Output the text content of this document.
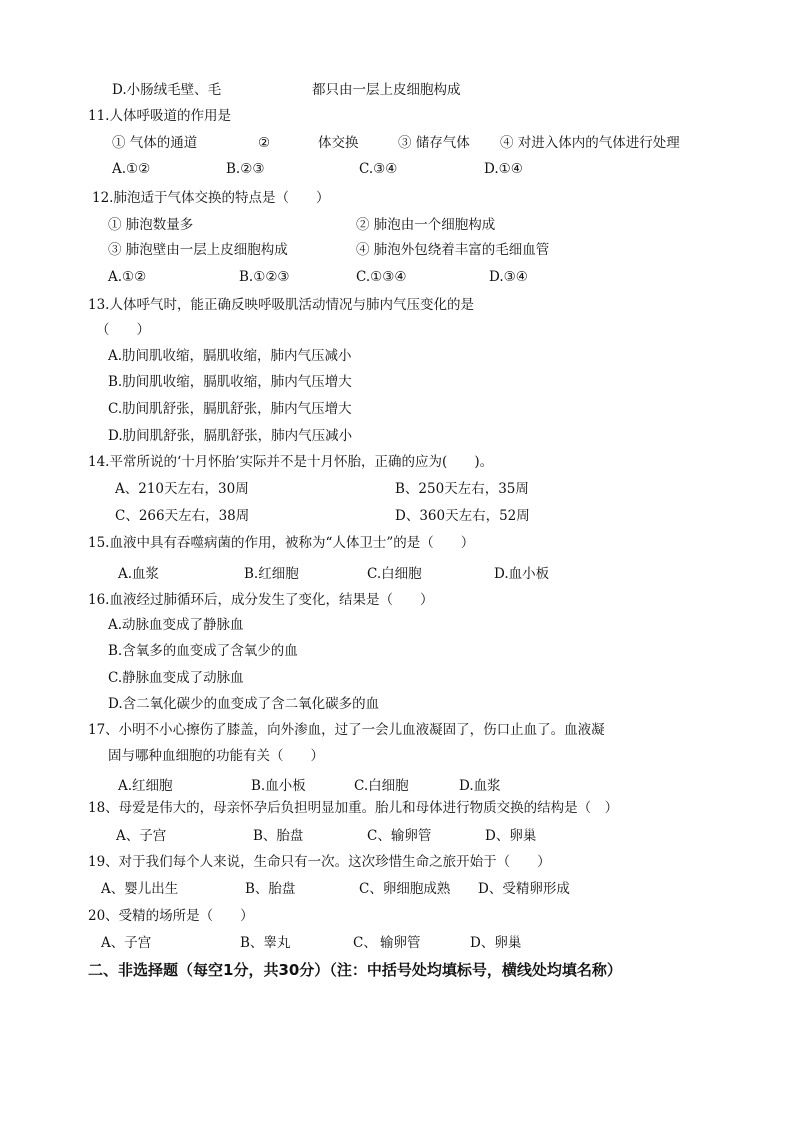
D.小肠绒毛壁、毛	都只由一层上皮细胞构成
11.人体呼吸道的作用是
① 气体的通道	②	体交换	③ 储存气体 ④ 对进入体内的气体进行处理
A.①②	B.②③	C.③④	D.①④
12.肺泡适于气体交换的特点是（　　）
① 肺泡数量多	② 肺泡由一个细胞构成
③ 肺泡壁由一层上皮细胞构成	④ 肺泡外包绕着丰富的毛细血管
A.①②	B.①②③	C.①③④	D.③④
13.人体呼气时，能正确反映呼吸肌活动情况与肺内气压变化的是
（　　）
A.肋间肌收缩，膈肌收缩，肺内气压减小
B.肋间肌收缩，膈肌收缩，肺内气压增大
C.肋间肌舒张，膈肌舒张，肺内气压增大
D.肋间肌舒张，膈肌舒张，肺内气压减小
14.平常所说的‘十月怀胎’实际并不是十月怀胎，正确的应为(　　)。
A、210天左右，30周	B、250天左右，35周
C、266天左右，38周	D、360天左右，52周
15.血液中具有吞噬病菌的作用，被称为“人体卫士”的是（　　）
A.血浆	B.红细胞	C.白细胞	D.血小板
16.血液经过肺循环后，成分发生了变化，结果是（　　）
A.动脉血变成了静脉血
B.含氧多的血变成了含氧少的血
C.静脉血变成了动脉血
D.含二氧化碳少的血变成了含二氧化碳多的血
17、小明不小心擦伤了膝盖，向外渗血，过了一会儿血液凝固了，伤口止血了。血液凝
固与哪种血细胞的功能有关（　　）
A.红细胞	B.血小板	C.白细胞	D.血浆
18、母爱是伟大的，母亲怀孕后负担明显加重。胎儿和母体进行物质交换的结构是（　）
A、子宫	B、胎盘	C、输卵管	D、卵巢
19、对于我们每个人来说，生命只有一次。这次珍惜生命之旅开始于（　　）
A、婴儿出生	B、胎盘	C、卵细胞成熟 D、受精卵形成
20、受精的场所是（　　）
A、子宫	B、睾丸	C、 输卵管	D、卵巢
二、非选择题（每空1分，共30分）（注：中括号处均填标号，横线处均填名称）
